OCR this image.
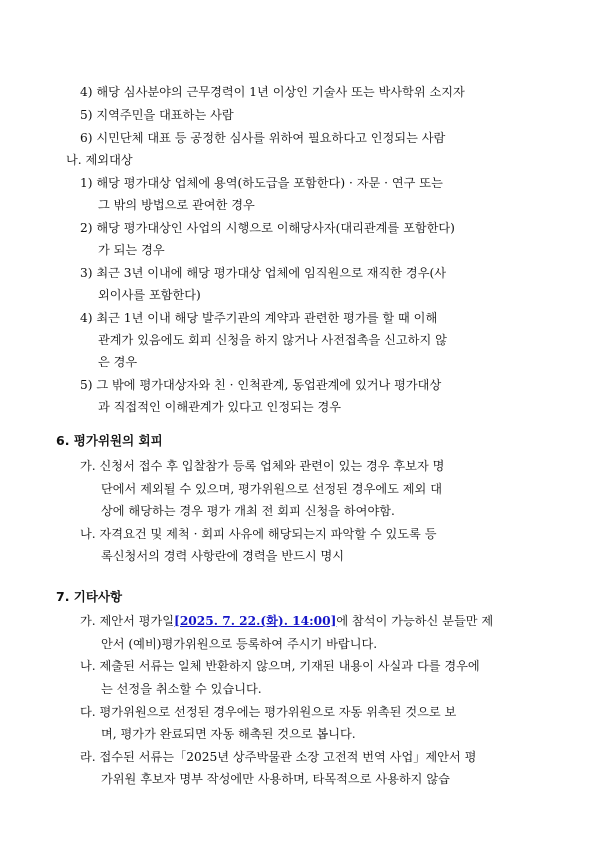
4) 해당 심사분야의 근무경력이 1년 이상인 기술사 또는 박사학위 소지자
5) 지역주민을 대표하는 사람
6) 시민단체 대표 등 공정한 심사를 위하여 필요하다고 인정되는 사람
나. 제외대상
1) 해당 평가대상 업체에 용역(하도급을 포함한다) · 자문 · 연구 또는
그 밖의 방법으로 관여한 경우
2) 해당 평가대상인 사업의 시행으로 이해당사자(대리관계를 포함한다)
가 되는 경우
3) 최근 3년 이내에 해당 평가대상 업체에 임직원으로 재직한 경우(사
외이사를 포함한다)
4) 최근 1년 이내 해당 발주기관의 계약과 관련한 평가를 할 때 이해
관계가 있음에도 회피 신청을 하지 않거나 사전접촉을 신고하지 않
은 경우
5) 그 밖에 평가대상자와 친 · 인척관계, 동업관계에 있거나 평가대상
과 직접적인 이해관계가 있다고 인정되는 경우
6. 평가위원의 회피
가. 신청서 접수 후 입찰참가 등록 업체와 관련이 있는 경우 후보자 명
단에서 제외될 수 있으며, 평가위원으로 선정된 경우에도 제외 대
상에 해당하는 경우 평가 개최 전 회피 신청을 하여야함.
나. 자격요건 및 제척 · 회피 사유에 해당되는지 파악할 수 있도록 등
록신청서의 경력 사항란에 경력을 반드시 명시
7. 기타사항
가. 제안서 평가일[2025. 7. 22.(화). 14:00]에 참석이 가능하신 분들만 제
안서 (예비)평가위원으로 등록하여 주시기 바랍니다.
나. 제출된 서류는 일체 반환하지 않으며, 기재된 내용이 사실과 다를 경우에
는 선정을 취소할 수 있습니다.
다. 평가위원으로 선정된 경우에는 평가위원으로 자동 위촉된 것으로 보
며, 평가가 완료되면 자동 해촉된 것으로 봅니다.
라. 접수된 서류는「2025년 상주박물관 소장 고전적 번역 사업」제안서 평
가위원 후보자 명부 작성에만 사용하며, 타목적으로 사용하지 않습
